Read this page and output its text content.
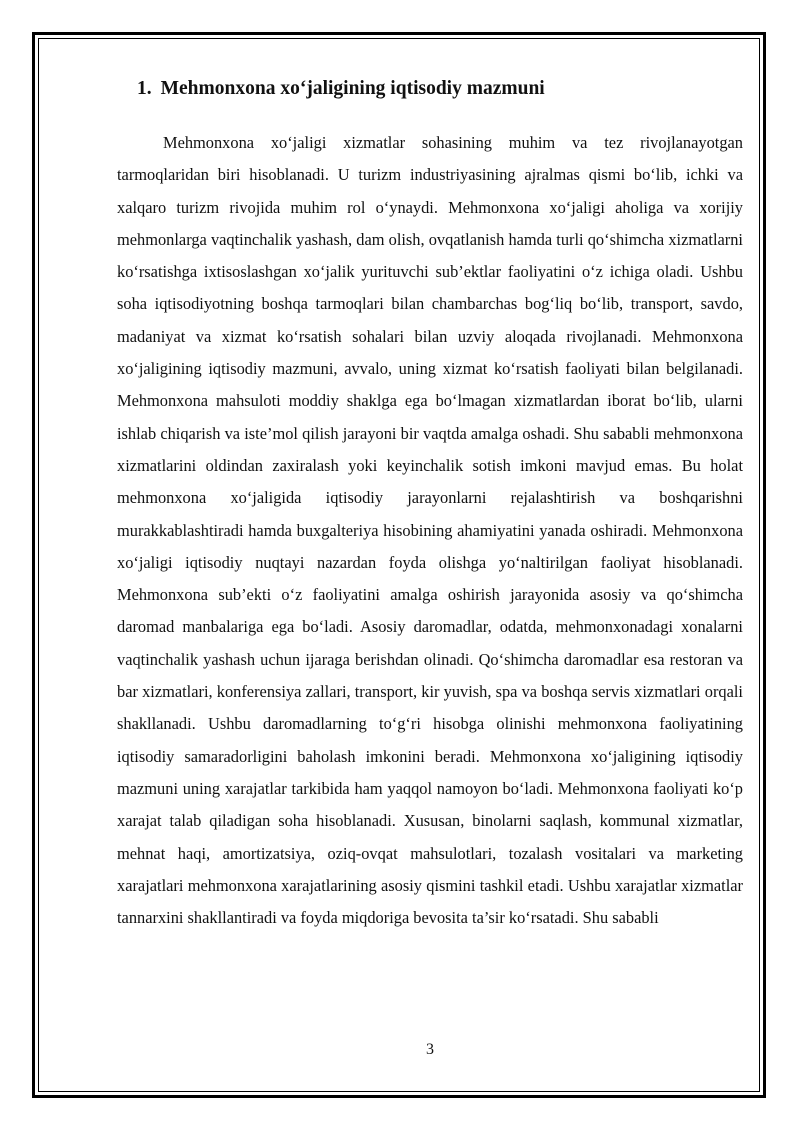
1. Mehmonxona xo‘jaligining iqtisodiy mazmuni

Mehmonxona xo‘jaligi xizmatlar sohasining muhim va tez rivojlanayotgan tarmoqlaridan biri hisoblanadi. U turizm industriyasining ajralmas qismi bo‘lib, ichki va xalqaro turizm rivojida muhim rol o‘ynaydi. Mehmonxona xo‘jaligi aholiga va xorijiy mehmonlarga vaqtinchalik yashash, dam olish, ovqatlanish hamda turli qo‘shimcha xizmatlarni ko‘rsatishga ixtisoslashgan xo‘jalik yurituvchi sub’ektlar faoliyatini o‘z ichiga oladi. Ushbu soha iqtisodiyotning boshqa tarmoqlari bilan chambarchas bog‘liq bo‘lib, transport, savdo, madaniyat va xizmat ko‘rsatish sohalari bilan uzviy aloqada rivojlanadi. Mehmonxona xo‘jaligining iqtisodiy mazmuni, avvalo, uning xizmat ko‘rsatish faoliyati bilan belgilanadi. Mehmonxona mahsuloti moddiy shaklga ega bo‘lmagan xizmatlardan iborat bo‘lib, ularni ishlab chiqarish va iste’mol qilish jarayoni bir vaqtda amalga oshadi. Shu sababli mehmonxona xizmatlarini oldindan zaxiralash yoki keyinchalik sotish imkoni mavjud emas. Bu holat mehmonxona xo‘jaligida iqtisodiy jarayonlarni rejalashtirish va boshqarishni murakkablashtiradi hamda buxgalteriya hisobining ahamiyatini yanada oshiradi. Mehmonxona xo‘jaligi iqtisodiy nuqtayi nazardan foyda olishga yo‘naltirilgan faoliyat hisoblanadi. Mehmonxona sub’ekti o‘z faoliyatini amalga oshirish jarayonida asosiy va qo‘shimcha daromad manbalariga ega bo‘ladi. Asosiy daromadlar, odatda, mehmonxonadagi xonalarni vaqtinchalik yashash uchun ijaraga berishdan olinadi. Qo‘shimcha daromadlar esa restoran va bar xizmatlari, konferensiya zallari, transport, kir yuvish, spa va boshqa servis xizmatlari orqali shakllanadi. Ushbu daromadlarning to‘g‘ri hisobga olinishi mehmonxona faoliyatining iqtisodiy samaradorligini baholash imkonini beradi. Mehmonxona xo‘jaligining iqtisodiy mazmuni uning xarajatlar tarkibida ham yaqqol namoyon bo‘ladi. Mehmonxona faoliyati ko‘p xarajat talab qiladigan soha hisoblanadi. Xususan, binolarni saqlash, kommunal xizmatlar, mehnat haqi, amortizatsiya, oziq-ovqat mahsulotlari, tozalash vositalari va marketing xarajatlari mehmonxona xarajatlarining asosiy qismini tashkil etadi. Ushbu xarajatlar xizmatlar tannarxini shakllantiradi va foyda miqdoriga bevosita ta’sir ko‘rsatadi. Shu sababli

3
